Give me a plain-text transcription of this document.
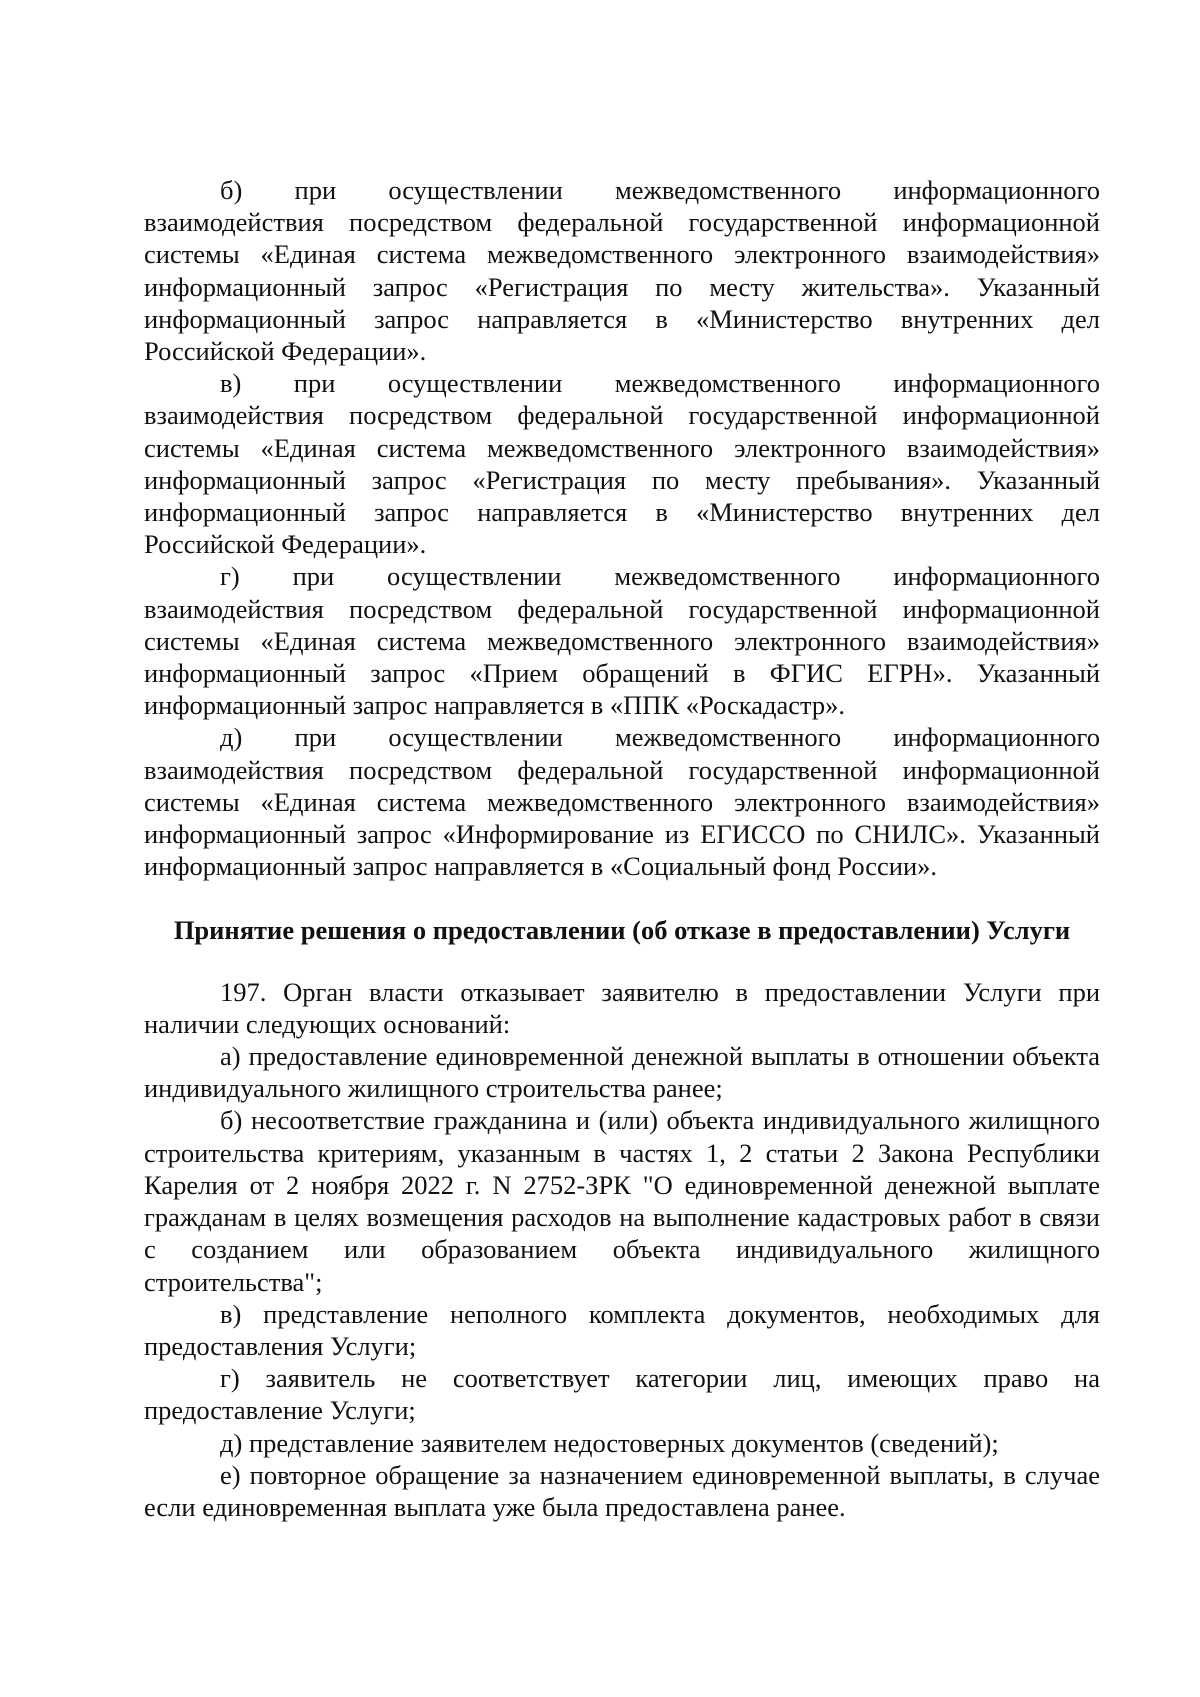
б) при осуществлении межведомственного информационного взаимодействия посредством федеральной государственной информационной системы «Единая система межведомственного электронного взаимодействия» информационный запрос «Регистрация по месту жительства». Указанный информационный запрос направляется в «Министерство внутренних дел Российской Федерации».

в) при осуществлении межведомственного информационного взаимодействия посредством федеральной государственной информационной системы «Единая система межведомственного электронного взаимодействия» информационный запрос «Регистрация по месту пребывания». Указанный информационный запрос направляется в «Министерство внутренних дел Российской Федерации».

г) при осуществлении межведомственного информационного взаимодействия посредством федеральной государственной информационной системы «Единая система межведомственного электронного взаимодействия» информационный запрос «Прием обращений в ФГИС ЕГРН». Указанный информационный запрос направляется в «ППК «Роскадастр».

д) при осуществлении межведомственного информационного взаимодействия посредством федеральной государственной информационной системы «Единая система межведомственного электронного взаимодействия» информационный запрос «Информирование из ЕГИССО по СНИЛС». Указанный информационный запрос направляется в «Социальный фонд России».

Принятие решения о предоставлении (об отказе в предоставлении) Услуги

197. Орган власти отказывает заявителю в предоставлении Услуги при наличии следующих оснований:

а) предоставление единовременной денежной выплаты в отношении объекта индивидуального жилищного строительства ранее;

б) несоответствие гражданина и (или) объекта индивидуального жилищного строительства критериям, указанным в частях 1, 2 статьи 2 Закона Республики Карелия от 2 ноября 2022 г. N 2752-ЗРК "О единовременной денежной выплате гражданам в целях возмещения расходов на выполнение кадастровых работ в связи с созданием или образованием объекта индивидуального жилищного строительства";

в) представление неполного комплекта документов, необходимых для предоставления Услуги;

г) заявитель не соответствует категории лиц, имеющих право на предоставление Услуги;

д) представление заявителем недостоверных документов (сведений);

е) повторное обращение за назначением единовременной выплаты, в случае если единовременная выплата уже была предоставлена ранее.
